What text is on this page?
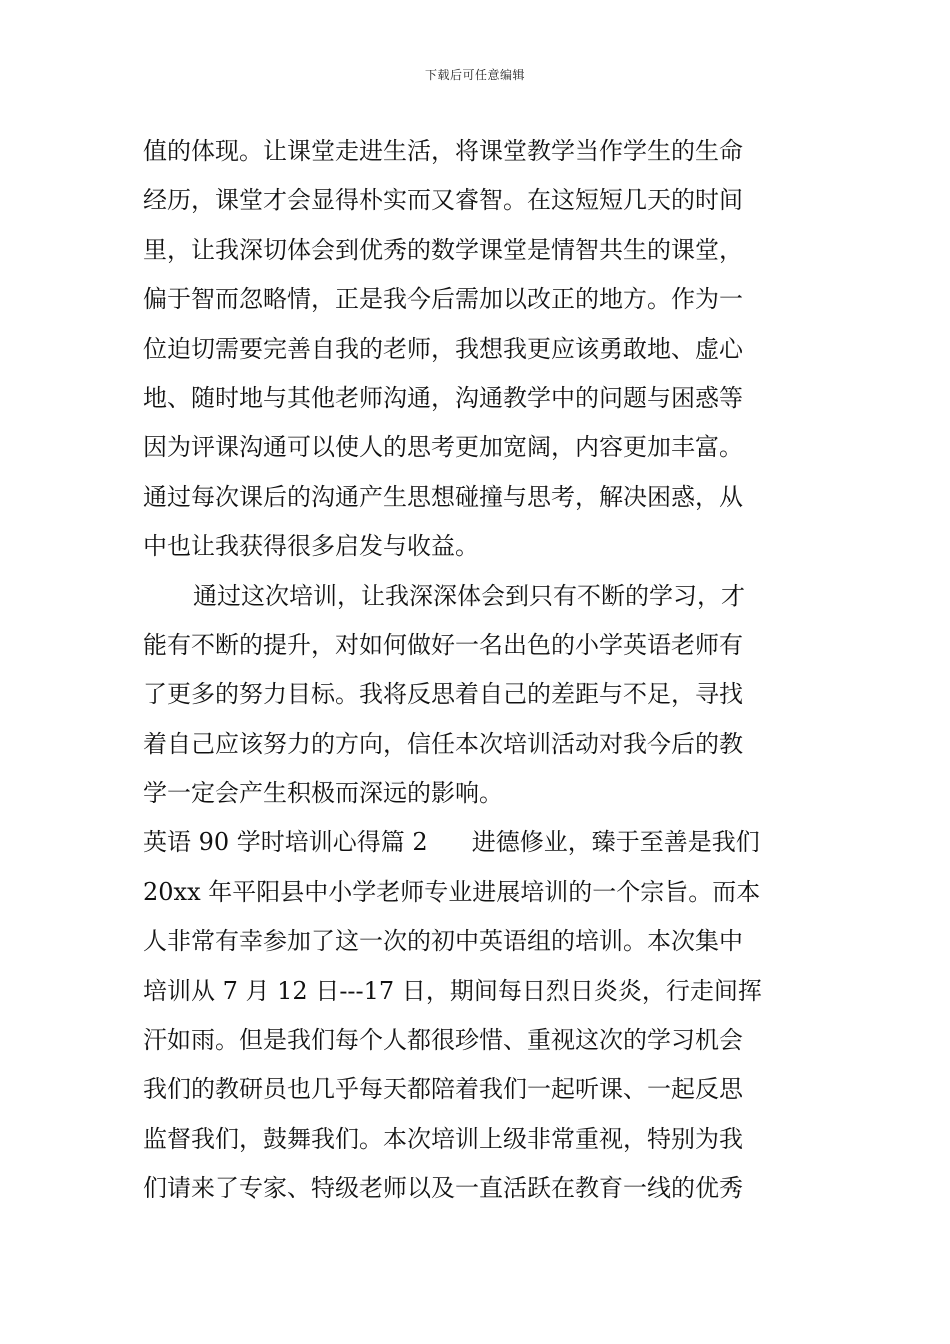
下载后可任意编辑
值的体现。让课堂走进生活，将课堂教学当作学生的生命
经历，课堂才会显得朴实而又睿智。在这短短几天的时间
里，让我深切体会到优秀的数学课堂是情智共生的课堂，
偏于智而忽略情，正是我今后需加以改正的地方。作为一
位迫切需要完善自我的老师，我想我更应该勇敢地、虚心
地、随时地与其他老师沟通，沟通教学中的问题与困惑等
因为评课沟通可以使人的思考更加宽阔，内容更加丰富。
通过每次课后的沟通产生思想碰撞与思考，解决困惑，从
中也让我获得很多启发与收益。
通过这次培训，让我深深体会到只有不断的学习，才
能有不断的提升，对如何做好一名出色的小学英语老师有
了更多的努力目标。我将反思着自己的差距与不足，寻找
着自己应该努力的方向，信任本次培训活动对我今后的教
学一定会产生积极而深远的影响。
英语 90 学时培训心得篇 2 进德修业，臻于至善是我们
20xx 年平阳县中小学老师专业进展培训的一个宗旨。而本
人非常有幸参加了这一次的初中英语组的培训。本次集中
培训从 7 月 12 日---17 日，期间每日烈日炎炎，行走间挥
汗如雨。但是我们每个人都很珍惜、重视这次的学习机会
我们的教研员也几乎每天都陪着我们一起听课、一起反思
监督我们，鼓舞我们。本次培训上级非常重视，特别为我
们请来了专家、特级老师以及一直活跃在教育一线的优秀
